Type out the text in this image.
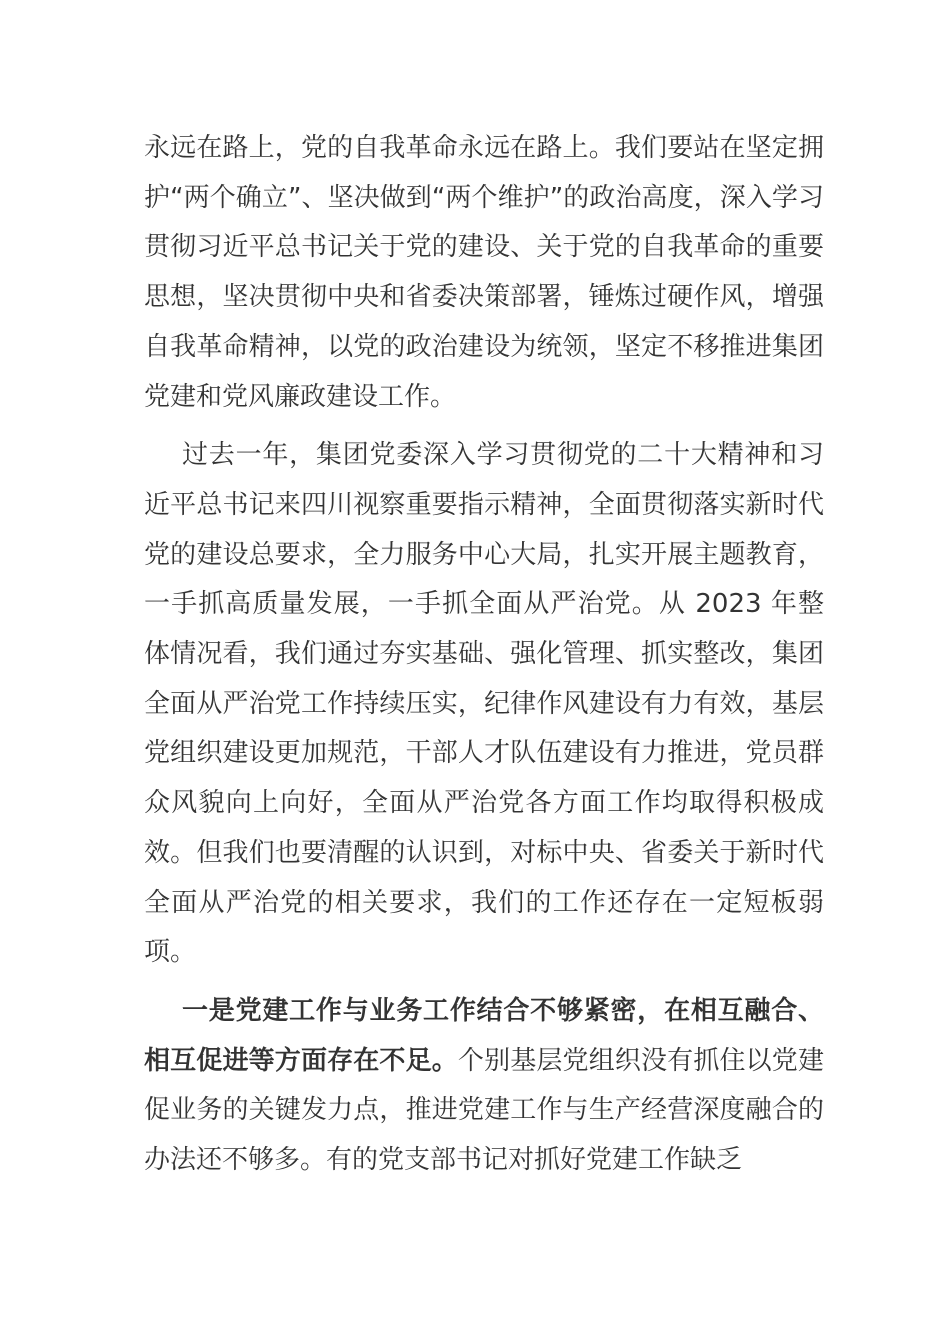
永远在路上，党的自我革命永远在路上。我们要站在坚定拥护“两个确立”、坚决做到“两个维护”的政治高度，深入学习贯彻习近平总书记关于党的建设、关于党的自我革命的重要思想，坚决贯彻中央和省委决策部署，锤炼过硬作风，增强自我革命精神，以党的政治建设为统领，坚定不移推进集团党建和党风廉政建设工作。

过去一年，集团党委深入学习贯彻党的二十大精神和习近平总书记来四川视察重要指示精神，全面贯彻落实新时代党的建设总要求，全力服务中心大局，扎实开展主题教育，一手抓高质量发展，一手抓全面从严治党。从 2023 年整体情况看，我们通过夯实基础、强化管理、抓实整改，集团全面从严治党工作持续压实，纪律作风建设有力有效，基层党组织建设更加规范，干部人才队伍建设有力推进，党员群众风貌向上向好，全面从严治党各方面工作均取得积极成效。但我们也要清醒的认识到，对标中央、省委关于新时代全面从严治党的相关要求，我们的工作还存在一定短板弱项。

一是党建工作与业务工作结合不够紧密，在相互融合、相互促进等方面存在不足。个别基层党组织没有抓住以党建促业务的关键发力点，推进党建工作与生产经营深度融合的办法还不够多。有的党支部书记对抓好党建工作缺乏
